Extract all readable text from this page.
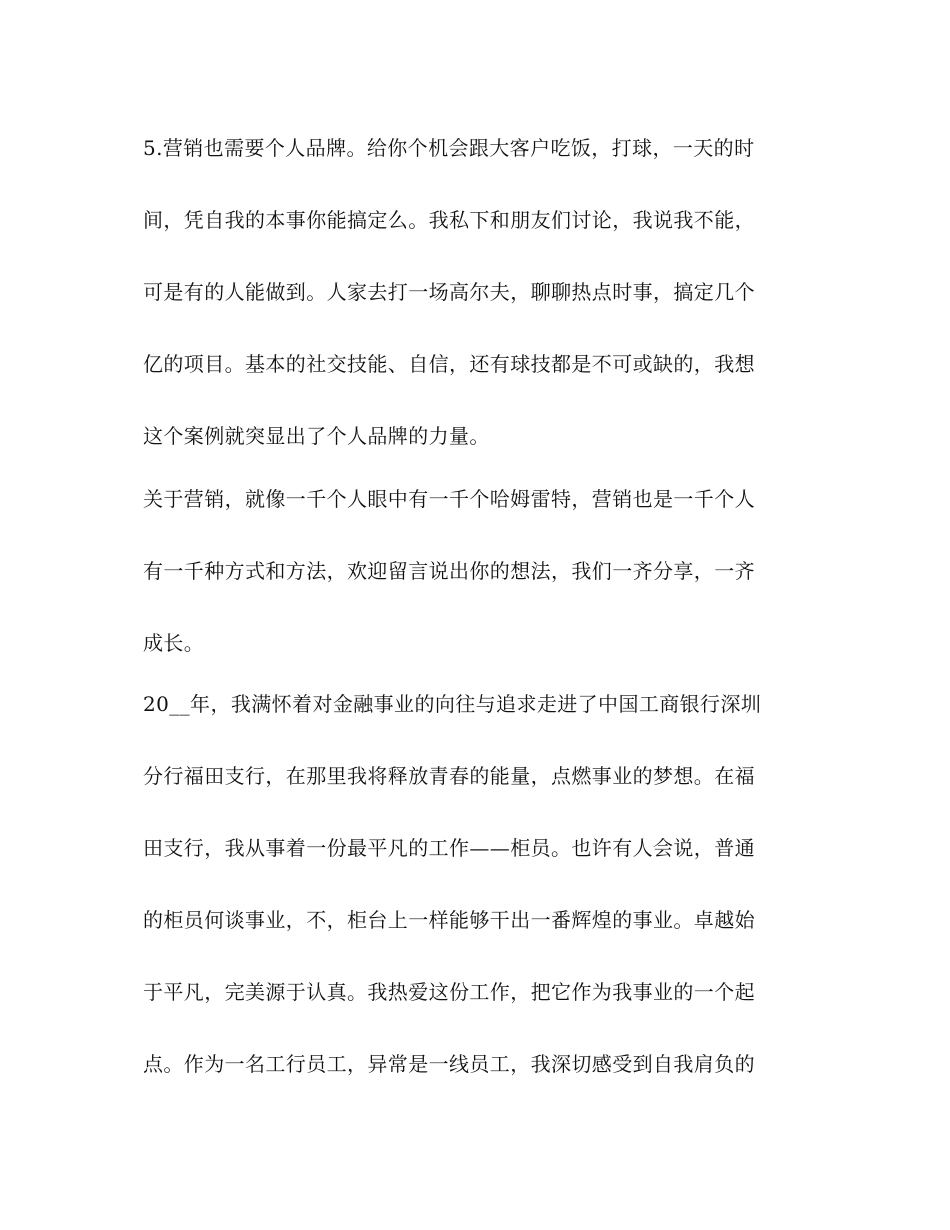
5.营销也需要个人品牌。给你个机会跟大客户吃饭，打球，一天的时
间，凭自我的本事你能搞定么。我私下和朋友们讨论，我说我不能，
可是有的人能做到。人家去打一场高尔夫，聊聊热点时事，搞定几个
亿的项目。基本的社交技能、自信，还有球技都是不可或缺的，我想
这个案例就突显出了个人品牌的力量。
关于营销，就像一千个人眼中有一千个哈姆雷特，营销也是一千个人
有一千种方式和方法，欢迎留言说出你的想法，我们一齐分享，一齐
成长。
20__年，我满怀着对金融事业的向往与追求走进了中国工商银行深圳
分行福田支行，在那里我将释放青春的能量，点燃事业的梦想。在福
田支行，我从事着一份最平凡的工作——柜员。也许有人会说，普通
的柜员何谈事业，不，柜台上一样能够干出一番辉煌的事业。卓越始
于平凡，完美源于认真。我热爱这份工作，把它作为我事业的一个起
点。作为一名工行员工，异常是一线员工，我深切感受到自我肩负的
